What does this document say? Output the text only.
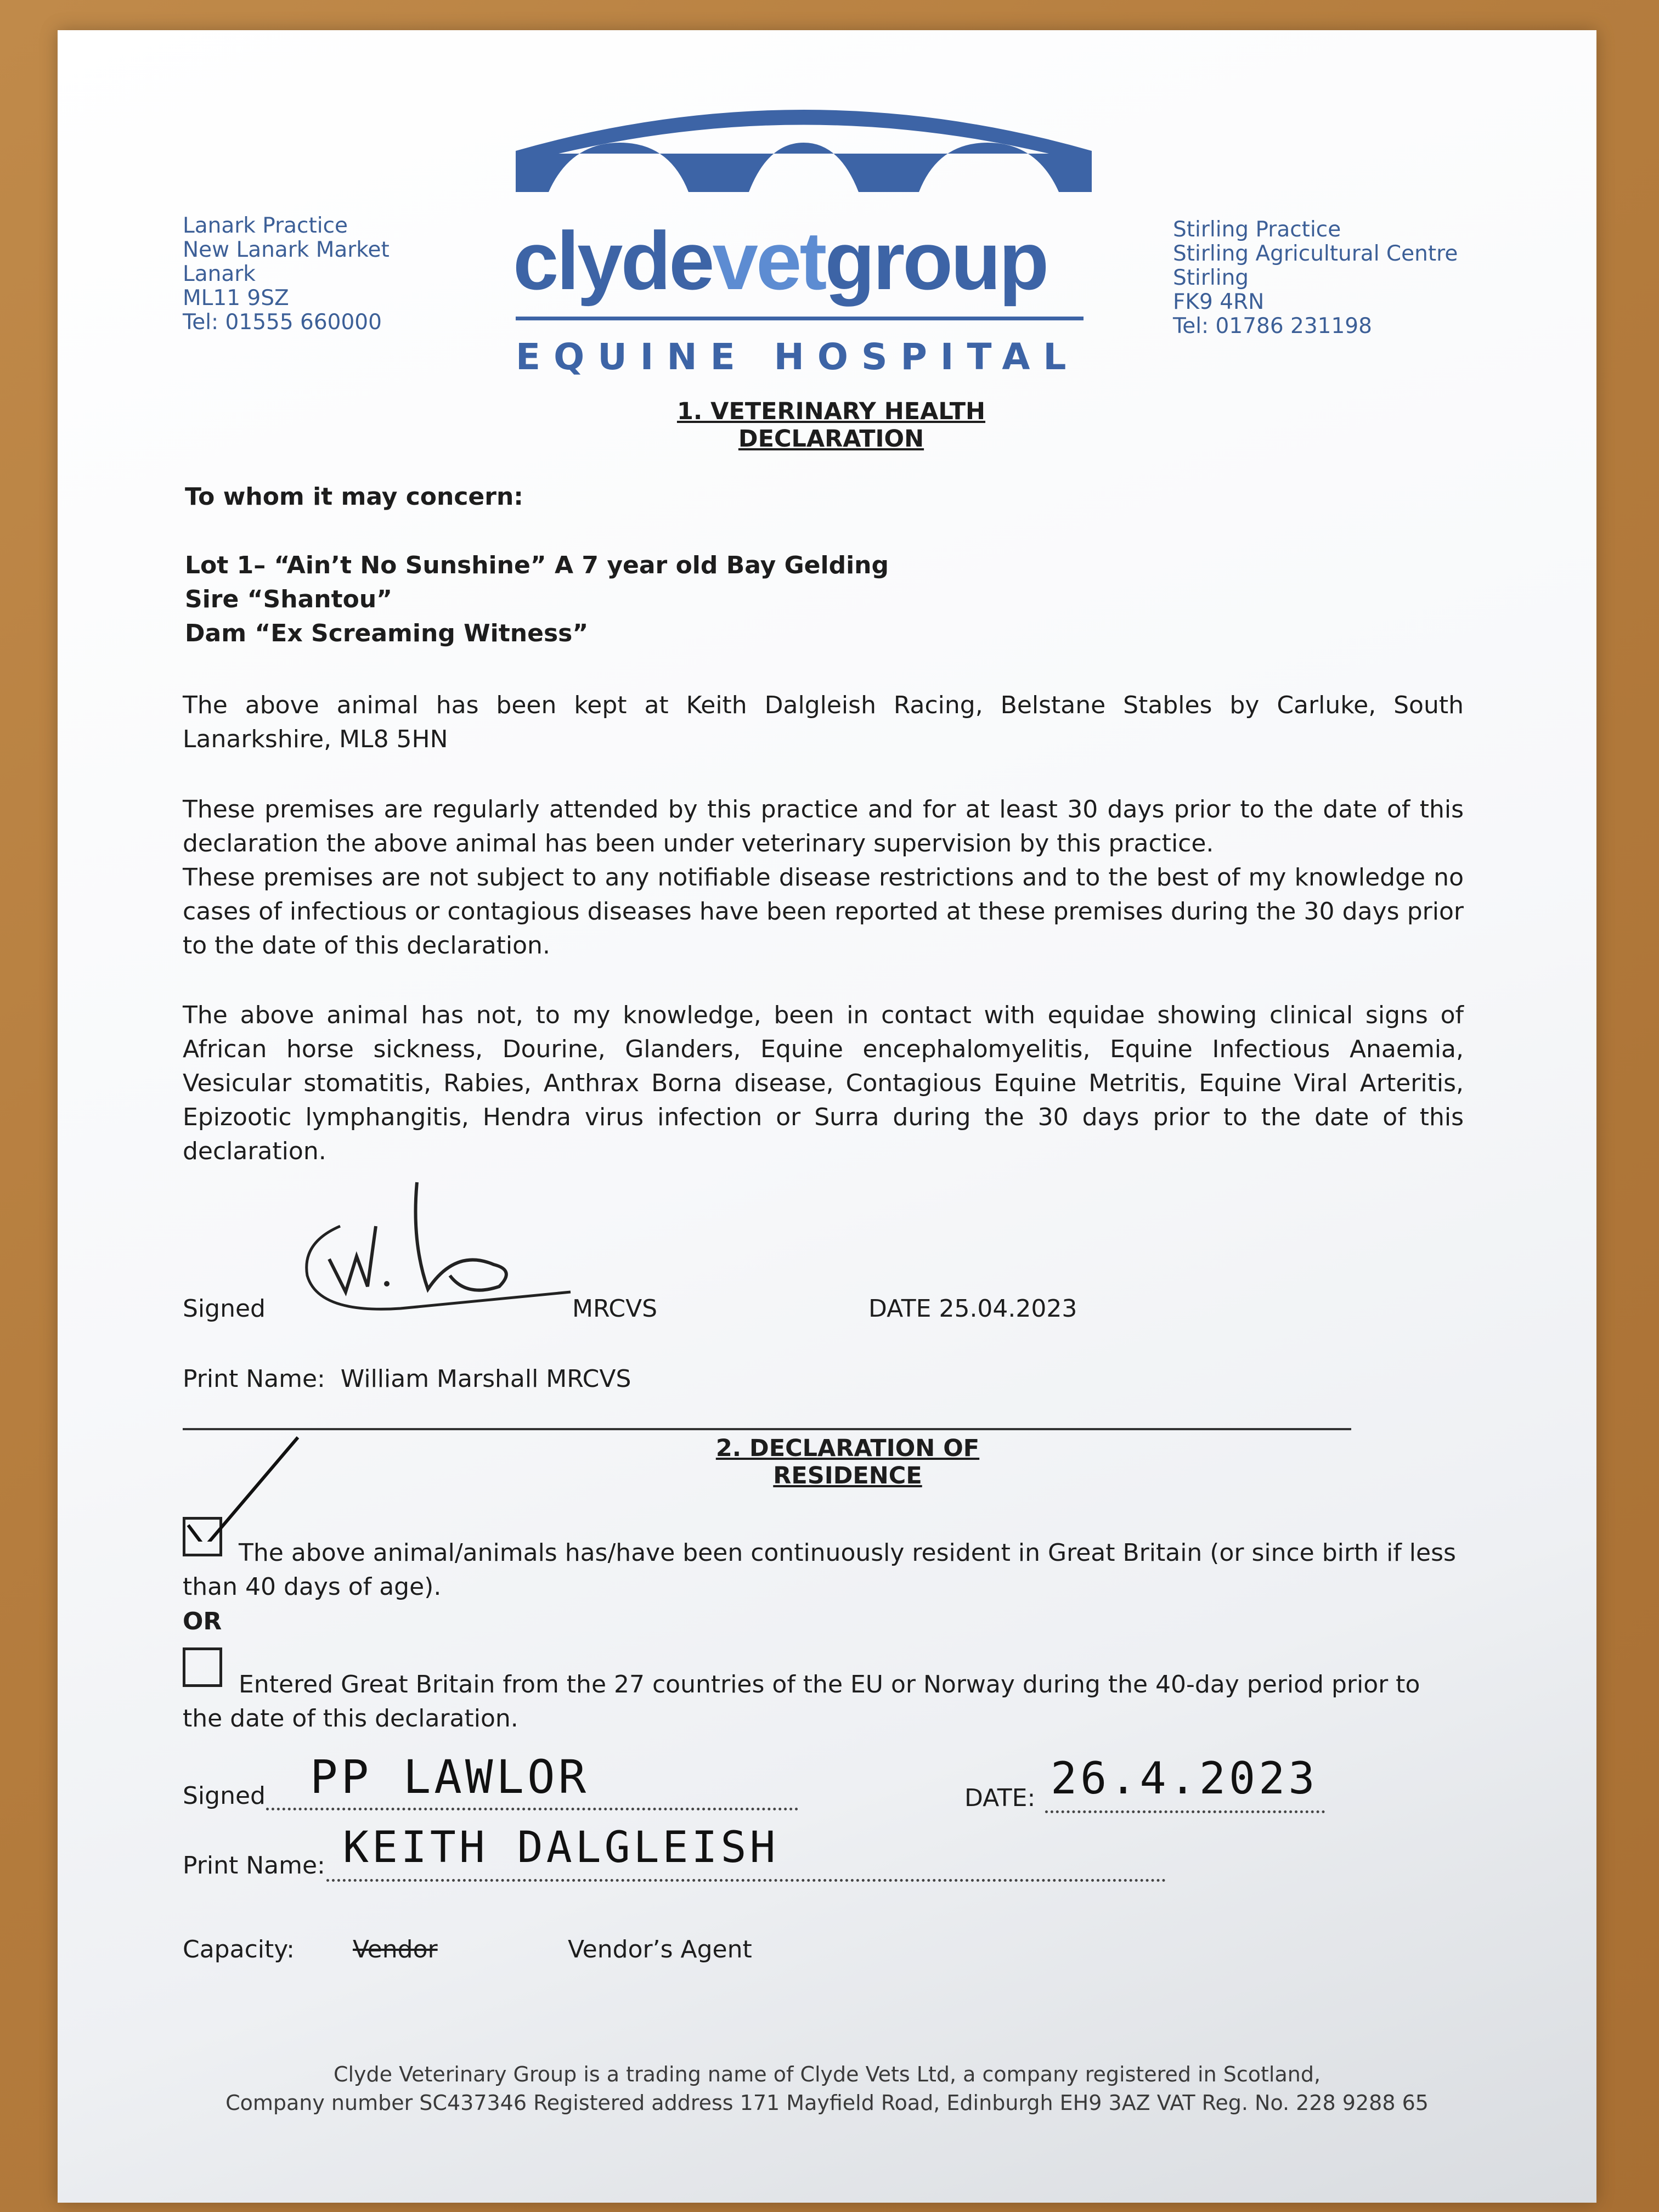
Lanark Practice
New Lanark Market
Lanark
ML11 9SZ
Tel: 01555 660000
clydevetgroup
EQUINE HOSPITAL
Stirling Practice
Stirling Agricultural Centre
Stirling
FK9 4RN
Tel: 01786 231198
1. VETERINARY HEALTH DECLARATION
To whom it may concern:
Lot 1– “Ain’t No Sunshine” A 7 year old Bay Gelding
Sire “Shantou”
Dam “Ex Screaming Witness”
The above animal has been kept at Keith Dalgleish Racing, Belstane Stables by Carluke, South Lanarkshire, ML8 5HN
These premises are regularly attended by this practice and for at least 30 days prior to the date of this declaration the above animal has been under veterinary supervision by this practice.
These premises are not subject to any notifiable disease restrictions and to the best of my knowledge no cases of infectious or contagious diseases have been reported at these premises during the 30 days prior to the date of this declaration.
The above animal has not, to my knowledge, been in contact with equidae showing clinical signs of African horse sickness, Dourine, Glanders, Equine encephalomyelitis, Equine Infectious Anaemia, Vesicular stomatitis, Rabies, Anthrax Borna disease, Contagious Equine Metritis, Equine Viral Arteritis, Epizootic lymphangitis, Hendra virus infection or Surra during the 30 days prior to the date of this declaration.
Signed	MRCVS	DATE 25.04.2023
Print Name:  William Marshall MRCVS
2. DECLARATION OF RESIDENCE
The above animal/animals has/have been continuously resident in Great Britain (or since birth if less than 40 days of age).
OR
Entered Great Britain from the 27 countries of the EU or Norway during the 40-day period prior to the date of this declaration.
Signed PP LAWLOR	DATE: 26.4.2023
Print Name: KEITH DALGLEISH
Capacity: Vendor	Vendor’s Agent
Clyde Veterinary Group is a trading name of Clyde Vets Ltd, a company registered in Scotland,
Company number SC437346 Registered address 171 Mayfield Road, Edinburgh EH9 3AZ VAT Reg. No. 228 9288 65
